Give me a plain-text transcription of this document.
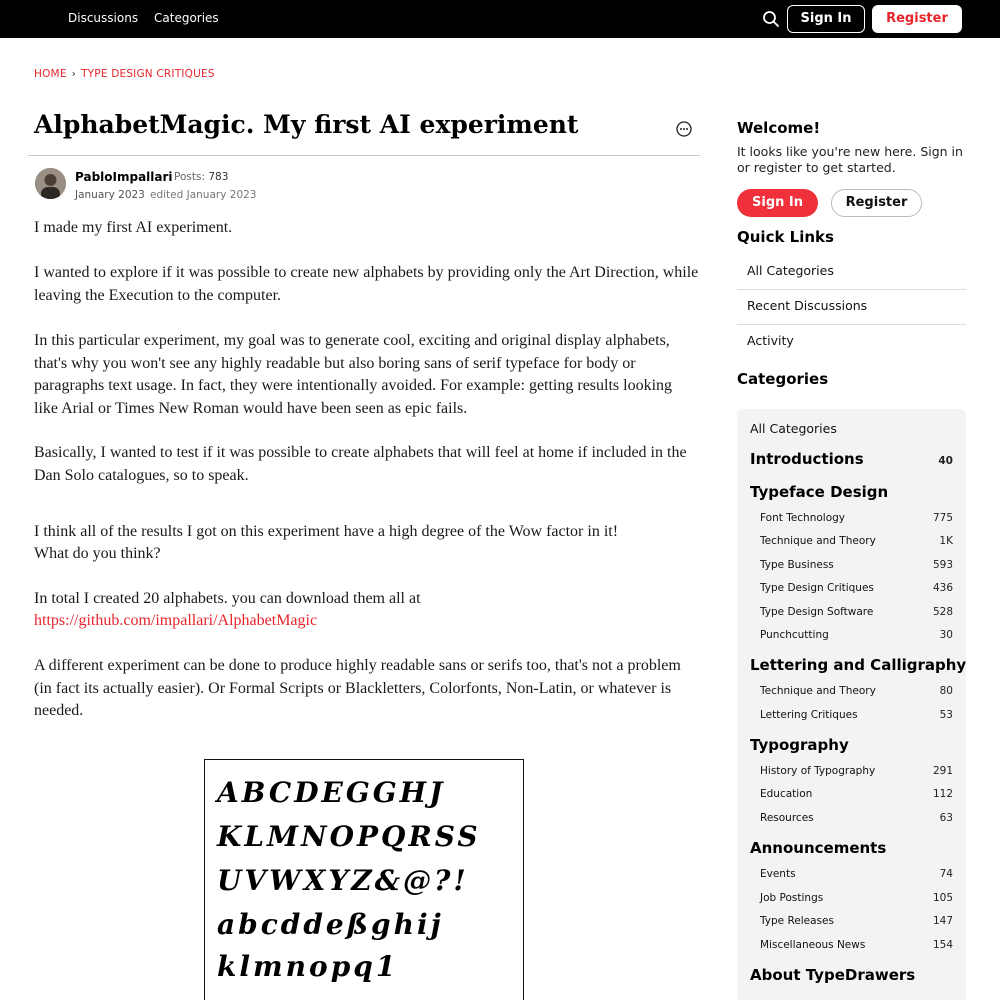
Discussions Categories	Sign In	Register
HOME › TYPE DESIGN CRITIQUES
AlphabetMagic. My first AI experiment
PabloImpallari Posts: 783
January 2023 edited January 2023

I made my first AI experiment.

I wanted to explore if it was possible to create new alphabets by providing only the Art Direction, while leaving the Execution to the computer.

In this particular experiment, my goal was to generate cool, exciting and original display alphabets, that's why you won't see any highly readable but also boring sans of serif typeface for body or paragraphs text usage. In fact, they were intentionally avoided. For example: getting results looking like Arial or Times New Roman would have been seen as epic fails.

Basically, I wanted to test if it was possible to create alphabets that will feel at home if included in the Dan Solo catalogues, so to speak.

I think all of the results I got on this experiment have a high degree of the Wow factor in it!

What do you think?

In total I created 20 alphabets. you can download them all at

https://github.com/impallari/AlphabetMagic

A different experiment can be done to produce highly readable sans or serifs too, that's not a problem (in fact its actually easier). Or Formal Scripts or Blackletters, Colorfonts, Non-Latin, or whatever is needed.

ABCDEGGHJ
KLMNOPQRSS
UVWXYZ&@?!
abcddeßghij
klmnopq1
Welcome!
It looks like you're new here. Sign in or register to get started.
Sign In	Register
Quick Links
All Categories
Recent Discussions
Activity
Categories
All Categories
Introductions	40
Typeface Design
Font Technology	775
Technique and Theory	1K
Type Business	593
Type Design Critiques	436
Type Design Software	528
Punchcutting	30
Lettering and Calligraphy
Technique and Theory	80
Lettering Critiques	53
Typography
History of Typography	291
Education	112
Resources	63
Announcements
Events	74
Job Postings	105
Type Releases	147
Miscellaneous News	154
About TypeDrawers
